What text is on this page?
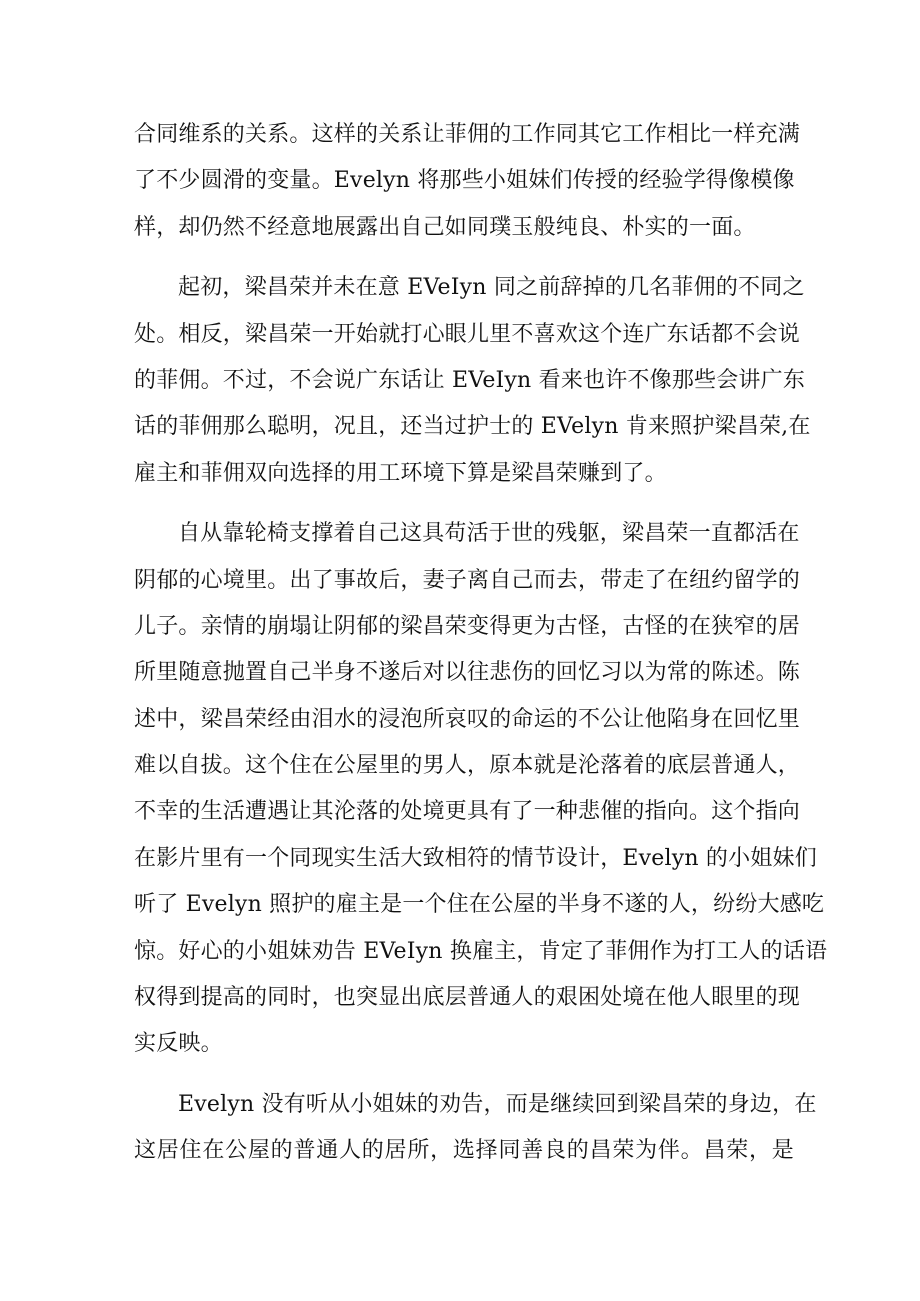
合同维系的关系。这样的关系让菲佣的工作同其它工作相比一样充满
了不少圆滑的变量。Evelyn 将那些小姐妹们传授的经验学得像模像
样，却仍然不经意地展露出自己如同璞玉般纯良、朴实的一面。
起初，梁昌荣并未在意 EVeIyn 同之前辞掉的几名菲佣的不同之
处。相反，梁昌荣一开始就打心眼儿里不喜欢这个连广东话都不会说
的菲佣。不过，不会说广东话让 EVeIyn 看来也许不像那些会讲广东
话的菲佣那么聪明，况且，还当过护士的 EVelyn 肯来照护梁昌荣,在
雇主和菲佣双向选择的用工环境下算是梁昌荣赚到了。
自从靠轮椅支撑着自己这具苟活于世的残躯，梁昌荣一直都活在
阴郁的心境里。出了事故后，妻子离自己而去，带走了在纽约留学的
儿子。亲情的崩塌让阴郁的梁昌荣变得更为古怪，古怪的在狭窄的居
所里随意抛置自己半身不遂后对以往悲伤的回忆习以为常的陈述。陈
述中，梁昌荣经由泪水的浸泡所哀叹的命运的不公让他陷身在回忆里
难以自拔。这个住在公屋里的男人，原本就是沦落着的底层普通人，
不幸的生活遭遇让其沦落的处境更具有了一种悲催的指向。这个指向
在影片里有一个同现实生活大致相符的情节设计，Evelyn 的小姐妹们
听了 Evelyn 照护的雇主是一个住在公屋的半身不遂的人，纷纷大感吃
惊。好心的小姐妹劝告 EVeIyn 换雇主，肯定了菲佣作为打工人的话语
权得到提高的同时，也突显出底层普通人的艰困处境在他人眼里的现
实反映。
Evelyn 没有听从小姐妹的劝告，而是继续回到梁昌荣的身边，在
这居住在公屋的普通人的居所，选择同善良的昌荣为伴。昌荣，是
